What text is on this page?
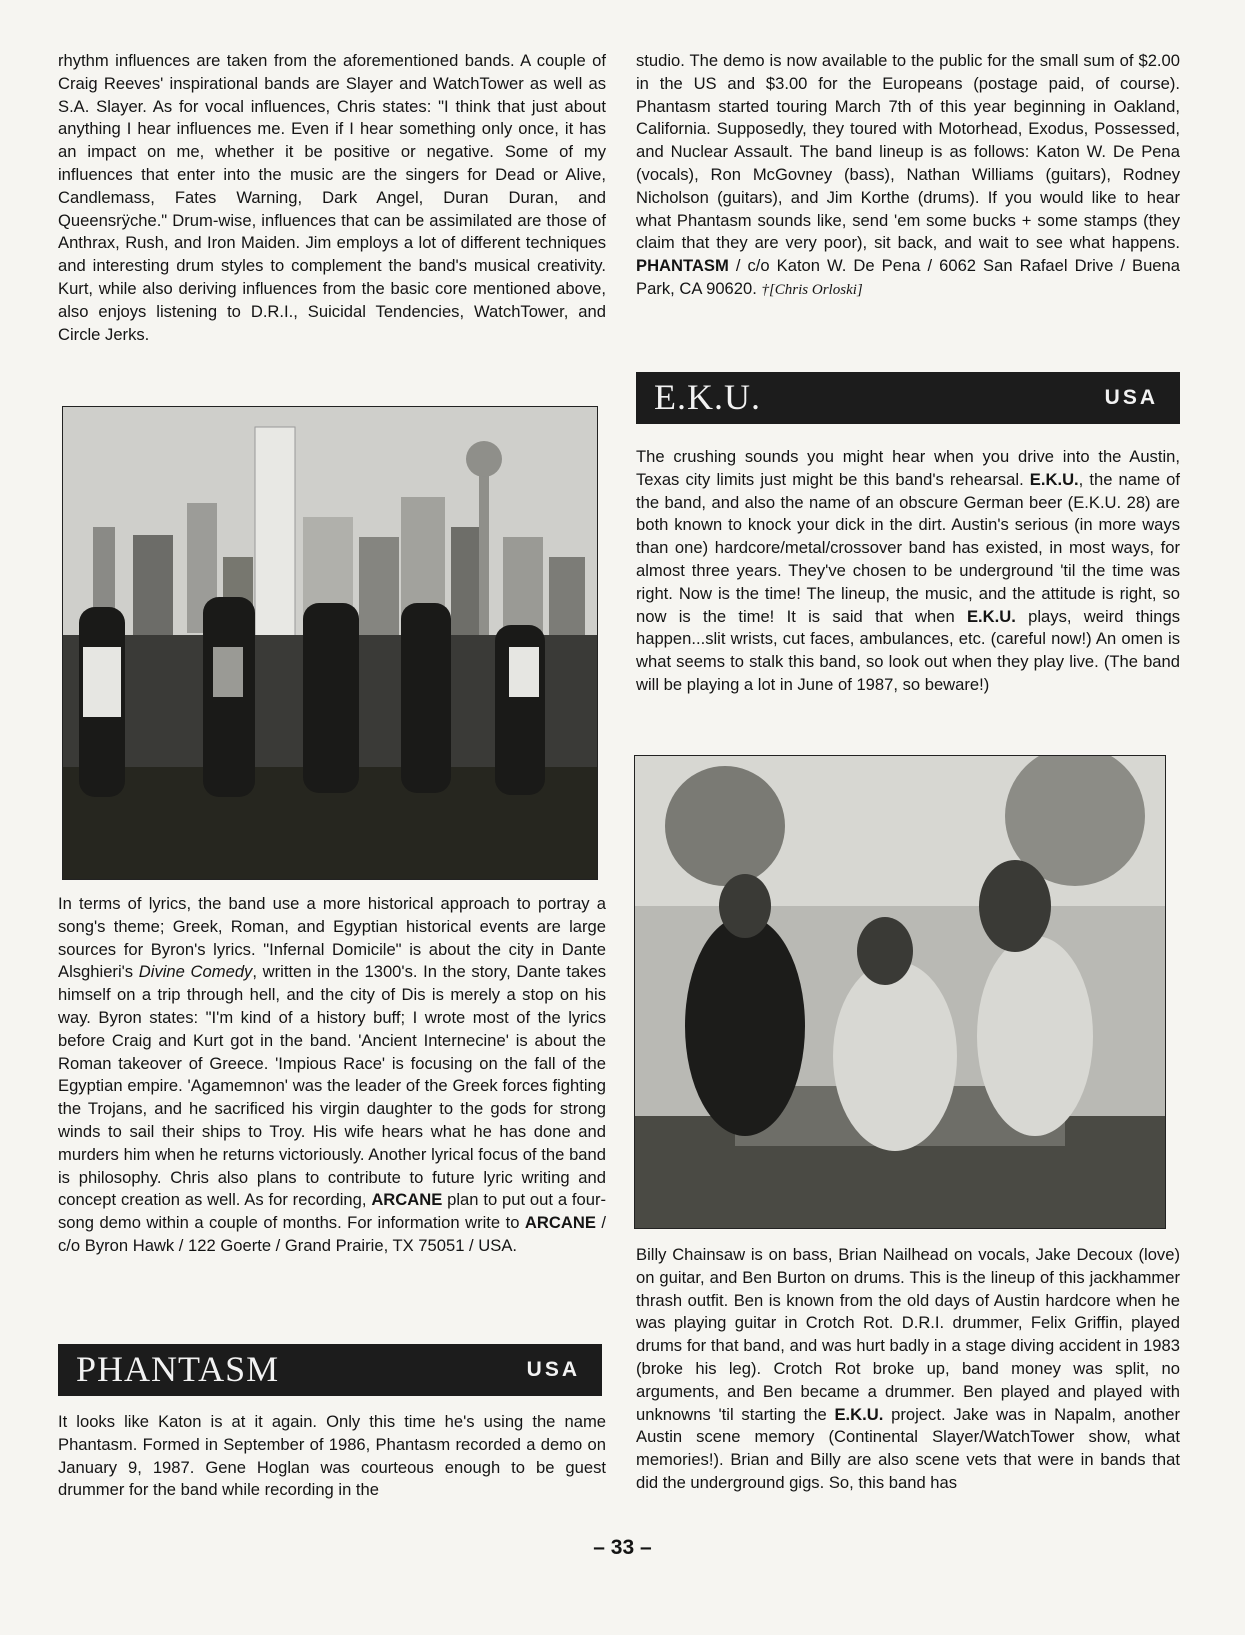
rhythm influences are taken from the aforementioned bands. A couple of Craig Reeves' inspirational bands are Slayer and WatchTower as well as S.A. Slayer. As for vocal influences, Chris states: "I think that just about anything I hear influences me. Even if I hear something only once, it has an impact on me, whether it be positive or negative. Some of my influences that enter into the music are the singers for Dead or Alive, Candlemass, Fates Warning, Dark Angel, Duran Duran, and Queensrÿche." Drum-wise, influences that can be assimilated are those of Anthrax, Rush, and Iron Maiden. Jim employs a lot of different techniques and interesting drum styles to complement the band's musical creativity. Kurt, while also deriving influences from the basic core mentioned above, also enjoys listening to D.R.I., Suicidal Tendencies, WatchTower, and Circle Jerks.

In terms of lyrics, the band use a more historical approach to portray a song's theme; Greek, Roman, and Egyptian historical events are large sources for Byron's lyrics. "Infernal Domicile" is about the city in Dante Alsghieri's Divine Comedy, written in the 1300's. In the story, Dante takes himself on a trip through hell, and the city of Dis is merely a stop on his way. Byron states: "I'm kind of a history buff; I wrote most of the lyrics before Craig and Kurt got in the band. 'Ancient Internecine' is about the Roman takeover of Greece. 'Impious Race' is focusing on the fall of the Egyptian empire. 'Agamemnon' was the leader of the Greek forces fighting the Trojans, and he sacrificed his virgin daughter to the gods for strong winds to sail their ships to Troy. His wife hears what he has done and murders him when he returns victoriously. Another lyrical focus of the band is philosophy. Chris also plans to contribute to future lyric writing and concept creation as well. As for recording, ARCANE plan to put out a four-song demo within a couple of months. For information write to ARCANE / c/o Byron Hawk / 122 Goerte / Grand Prairie, TX 75051 / USA.

PHANTASM	USA

It looks like Katon is at it again. Only this time he's using the name Phantasm. Formed in September of 1986, Phantasm recorded a demo on January 9, 1987. Gene Hoglan was courteous enough to be guest drummer for the band while recording in the

studio. The demo is now available to the public for the small sum of $2.00 in the US and $3.00 for the Europeans (postage paid, of course). Phantasm started touring March 7th of this year beginning in Oakland, California. Supposedly, they toured with Motorhead, Exodus, Possessed, and Nuclear Assault. The band lineup is as follows: Katon W. De Pena (vocals), Ron McGovney (bass), Nathan Williams (guitars), Rodney Nicholson (guitars), and Jim Korthe (drums). If you would like to hear what Phantasm sounds like, send 'em some bucks + some stamps (they claim that they are very poor), sit back, and wait to see what happens. PHANTASM / c/o Katon W. De Pena / 6062 San Rafael Drive / Buena Park, CA 90620. †[Chris Orloski]

E.K.U.	USA

The crushing sounds you might hear when you drive into the Austin, Texas city limits just might be this band's rehearsal. E.K.U., the name of the band, and also the name of an obscure German beer (E.K.U. 28) are both known to knock your dick in the dirt. Austin's serious (in more ways than one) hardcore/metal/crossover band has existed, in most ways, for almost three years. They've chosen to be underground 'til the time was right. Now is the time! The lineup, the music, and the attitude is right, so now is the time! It is said that when E.K.U. plays, weird things happen...slit wrists, cut faces, ambulances, etc. (careful now!) An omen is what seems to stalk this band, so look out when they play live. (The band will be playing a lot in June of 1987, so beware!)

Billy Chainsaw is on bass, Brian Nailhead on vocals, Jake Decoux (love) on guitar, and Ben Burton on drums. This is the lineup of this jackhammer thrash outfit. Ben is known from the old days of Austin hardcore when he was playing guitar in Crotch Rot. D.R.I. drummer, Felix Griffin, played drums for that band, and was hurt badly in a stage diving accident in 1983 (broke his leg). Crotch Rot broke up, band money was split, no arguments, and Ben became a drummer. Ben played and played with unknowns 'til starting the E.K.U. project. Jake was in Napalm, another Austin scene memory (Continental Slayer/WatchTower show, what memories!). Brian and Billy are also scene vets that were in bands that did the underground gigs. So, this band has

– 33 –
